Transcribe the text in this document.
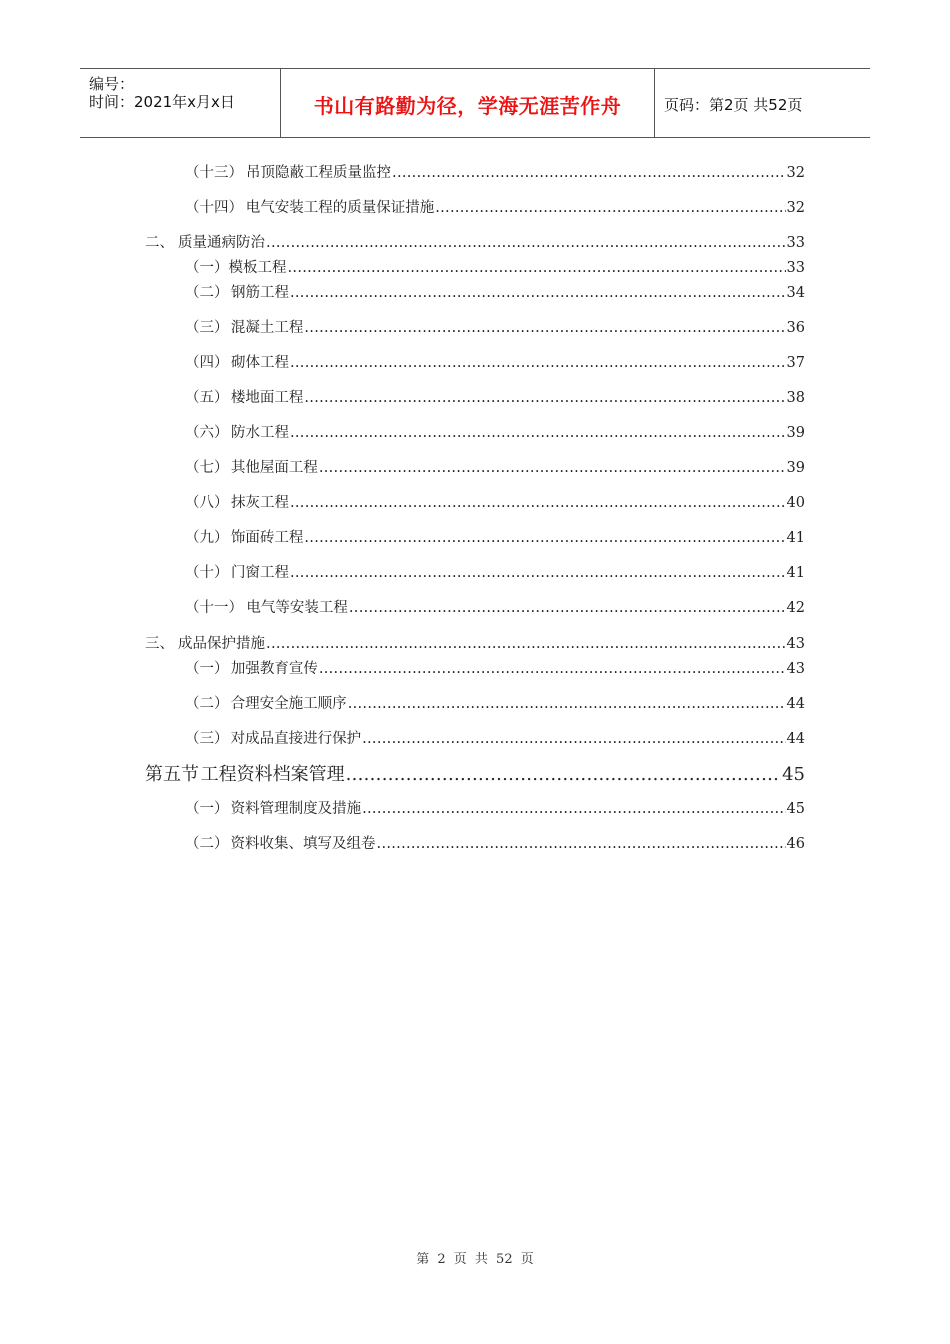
编号：
时间：2021年x月x日	书山有路勤为径，学海无涯苦作舟	页码：第2页 共52页
（十三） 吊顶隐蔽工程质量监控 .....	32
（十四） 电气安装工程的质量保证措施 .....	32
二、 质量通病防治 .....	33
（一） 模板工程 .....	33
（二） 钢筋工程 .....	34
（三） 混凝土工程 .....	36
（四） 砌体工程 .....	37
（五） 楼地面工程 .....	38
（六） 防水工程 .....	39
（七） 其他屋面工程 .....	39
（八） 抹灰工程 .....	40
（九） 饰面砖工程 .....	41
（十） 门窗工程 .....	41
（十一） 电气等安装工程 .....	42
三、 成品保护措施 .....	43
（一） 加强教育宣传 .....	43
（二） 合理安全施工顺序 .....	44
（三） 对成品直接进行保护 .....	44
第五节 工程资料档案管理 .....	45
（一） 资料管理制度及措施 .....	45
（二） 资料收集、填写及组卷 .....	46
第 2 页 共 52 页
